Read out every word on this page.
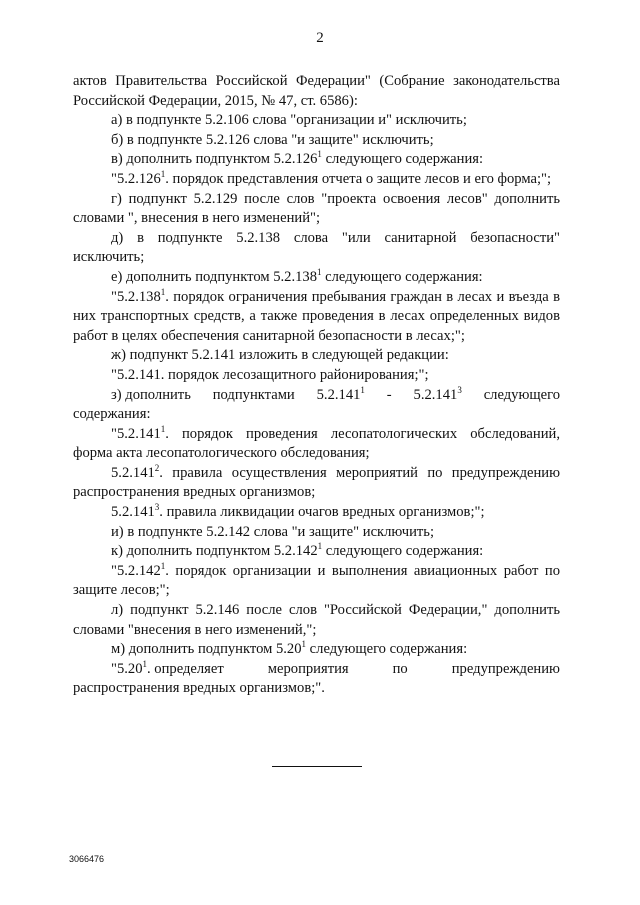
2

актов Правительства Российской Федерации" (Собрание законодательства Российской Федерации, 2015, № 47, ст. 6586):

а) в подпункте 5.2.106 слова "организации и" исключить;

б) в подпункте 5.2.126 слова "и защите" исключить;

в) дополнить подпунктом 5.2.126$^1$ следующего содержания:

"5.2.126$^1$. порядок представления отчета о защите лесов и его форма;";

г) подпункт 5.2.129 после слов "проекта освоения лесов" дополнить словами ", внесения в него изменений";

д) в подпункте 5.2.138 слова "или санитарной безопасности" исключить;

е) дополнить подпунктом 5.2.138$^1$ следующего содержания:

"5.2.138$^1$. порядок ограничения пребывания граждан в лесах и въезда в них транспортных средств, а также проведения в лесах определенных видов работ в целях обеспечения санитарной безопасности в лесах;";

ж) подпункт 5.2.141 изложить в следующей редакции:

"5.2.141. порядок лесозащитного районирования;";

з) дополнить подпунктами 5.2.141$^1$ - 5.2.141$^3$ следующего

содержания:

"5.2.141$^1$. порядок проведения лесопатологических обследований, форма акта лесопатологического обследования;

5.2.141$^2$. правила осуществления мероприятий по предупреждению распространения вредных организмов;

5.2.141$^3$. правила ликвидации очагов вредных организмов;";

и) в подпункте 5.2.142 слова "и защите" исключить;

к) дополнить подпунктом 5.2.142$^1$ следующего содержания:

"5.2.142$^1$. порядок организации и выполнения авиационных работ по защите лесов;";

л) подпункт 5.2.146 после слов "Российской Федерации," дополнить словами "внесения в него изменений,";

м) дополнить подпунктом 5.20$^1$ следующего содержания:

"5.20$^1$. определяет	мероприятия	по	предупреждению

распространения вредных организмов;".

3066476
